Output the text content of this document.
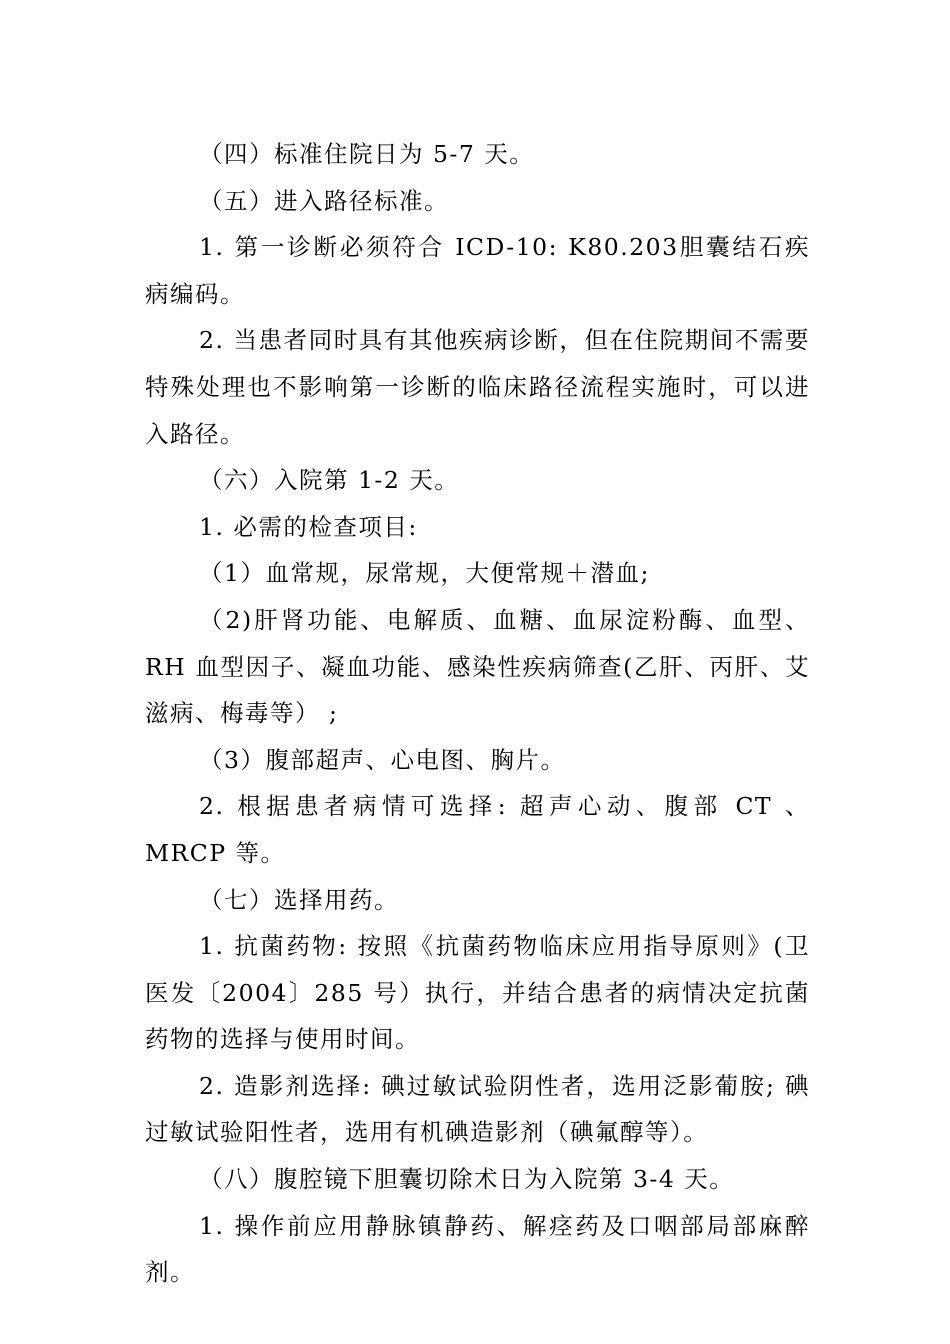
（四）标准住院日为 5-7 天。

（五）进入路径标准。

1. 第一诊断必须符合 ICD-10: K80.203胆囊结石疾病编码。

2. 当患者同时具有其他疾病诊断，但在住院期间不需要特殊处理也不影响第一诊断的临床路径流程实施时，可以进入路径。

（六）入院第 1-2 天。

1. 必需的检查项目:

（1）血常规，尿常规，大便常规＋潜血;

（2)肝肾功能、电解质、血糖、血尿淀粉酶、血型、RH 血型因子、凝血功能、感染性疾病筛查(乙肝、丙肝、艾滋病、梅毒等） ;

（3）腹部超声、心电图、胸片。

2. 根据患者病情可选择: 超声心动、腹部 CT 、MRCP 等。

（七）选择用药。

1. 抗菌药物: 按照《抗菌药物临床应用指导原则》(卫医发〔2004〕285 号）执行，并结合患者的病情决定抗菌药物的选择与使用时间。

2. 造影剂选择: 碘过敏试验阴性者，选用泛影葡胺; 碘过敏试验阳性者，选用有机碘造影剂（碘氟醇等）。

（八）腹腔镜下胆囊切除术日为入院第 3-4 天。

1. 操作前应用静脉镇静药、解痉药及口咽部局部麻醉剂。
